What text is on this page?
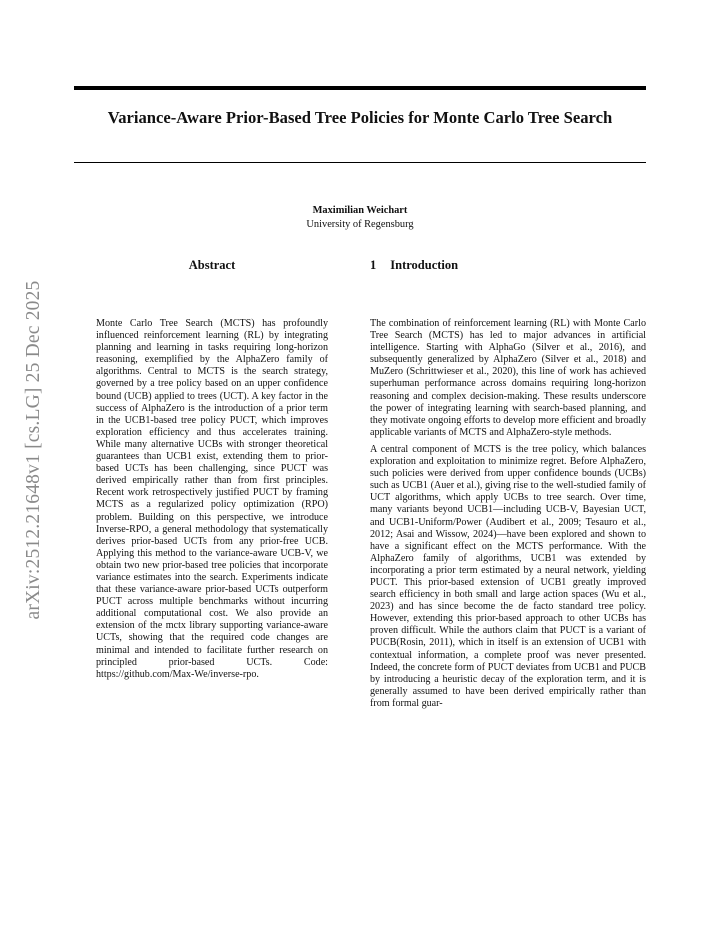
arXiv:2512.21648v1 [cs.LG] 25 Dec 2025
Variance-Aware Prior-Based Tree Policies for Monte Carlo Tree Search
Maximilian Weichart
University of Regensburg
Abstract

Monte Carlo Tree Search (MCTS) has profoundly influenced reinforcement learning (RL) by integrating planning and learning in tasks requiring long-horizon reasoning, exemplified by the AlphaZero family of algorithms. Central to MCTS is the search strategy, governed by a tree policy based on an upper confidence bound (UCB) applied to trees (UCT). A key factor in the success of AlphaZero is the introduction of a prior term in the UCB1-based tree policy PUCT, which improves exploration efficiency and thus accelerates training. While many alternative UCBs with stronger theoretical guarantees than UCB1 exist, extending them to prior-based UCTs has been challenging, since PUCT was derived empirically rather than from first principles. Recent work retrospectively justified PUCT by framing MCTS as a regularized policy optimization (RPO) problem. Building on this perspective, we introduce Inverse-RPO, a general methodology that systematically derives prior-based UCTs from any prior-free UCB. Applying this method to the variance-aware UCB-V, we obtain two new prior-based tree policies that incorporate variance estimates into the search. Experiments indicate that these variance-aware prior-based UCTs outperform PUCT across multiple benchmarks without incurring additional computational cost. We also provide an extension of the mctx library supporting variance-aware UCTs, showing that the required code changes are minimal and intended to facilitate further research on principled prior-based UCTs. Code: https://github.com/Max-We/inverse-rpo.

1 Introduction

The combination of reinforcement learning (RL) with Monte Carlo Tree Search (MCTS) has led to major advances in artificial intelligence. Starting with AlphaGo (Silver et al., 2016), and subsequently generalized by AlphaZero (Silver et al., 2018) and MuZero (Schrittwieser et al., 2020), this line of work has achieved superhuman performance across domains requiring long-horizon reasoning and complex decision-making. These results underscore the power of integrating learning with search-based planning, and they motivate ongoing efforts to develop more efficient and broadly applicable variants of MCTS and AlphaZero-style methods.

A central component of MCTS is the tree policy, which balances exploration and exploitation to minimize regret. Before AlphaZero, such policies were derived from upper confidence bounds (UCBs) such as UCB1 (Auer et al.), giving rise to the well-studied family of UCT algorithms, which apply UCBs to tree search. Over time, many variants beyond UCB1—including UCB-V, Bayesian UCT, and UCB1-Uniform/Power (Audibert et al., 2009; Tesauro et al., 2012; Asai and Wissow, 2024)—have been explored and shown to have a significant effect on the MCTS performance. With the AlphaZero family of algorithms, UCB1 was extended by incorporating a prior term estimated by a neural network, yielding PUCT. This prior-based extension of UCB1 greatly improved search efficiency in both small and large action spaces (Wu et al., 2023) and has since become the de facto standard tree policy. However, extending this prior-based approach to other UCBs has proven difficult. While the authors claim that PUCT is a variant of PUCB(Rosin, 2011), which in itself is an extension of UCB1 with contextual information, a complete proof was never presented. Indeed, the concrete form of PUCT deviates from UCB1 and PUCB by introducing a heuristic decay of the exploration term, and it is generally assumed to have been derived empirically rather than from formal guar-
